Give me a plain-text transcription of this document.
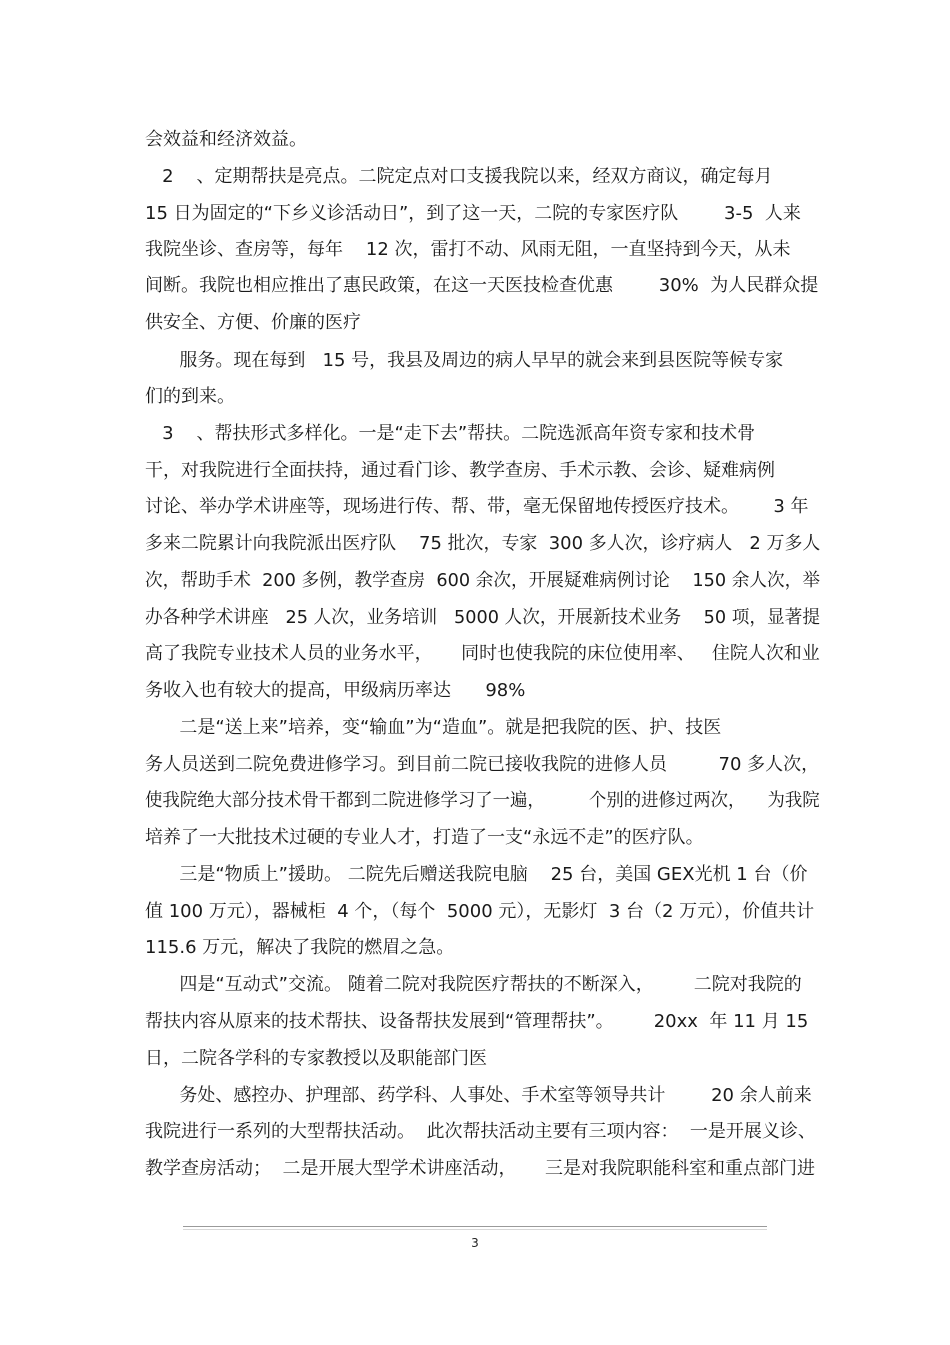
会效益和经济效益。

2    、定期帮扶是亮点。二院定点对口支援我院以来，经双方商议，确定每月

15 日为固定的“下乡义诊活动日”，到了这一天，二院的专家医疗队        3-5  人来

我院坐诊、查房等，每年    12 次，雷打不动、风雨无阻，一直坚持到今天，从未

间断。我院也相应推出了惠民政策，在这一天医技检查优惠        30%  为人民群众提

供安全、方便、价廉的医疗

服务。现在每到   15 号，我县及周边的病人早早的就会来到县医院等候专家

们的到来。

3    、帮扶形式多样化。一是“走下去”帮扶。二院选派高年资专家和技术骨

干，对我院进行全面扶持，通过看门诊、教学查房、手术示教、会诊、疑难病例

讨论、举办学术讲座等，现场进行传、帮、带，毫无保留地传授医疗技术。      3 年

多来二院累计向我院派出医疗队    75 批次，专家  300 多人次，诊疗病人   2 万多人

次，帮助手术  200 多例，教学查房  600 余次，开展疑难病例讨论    150 余人次，举

办各种学术讲座   25 人次，业务培训   5000 人次，开展新技术业务    50 项，显著提

高了我院专业技术人员的业务水平，     同时也使我院的床位使用率、   住院人次和业

务收入也有较大的提高，甲级病历率达      98%

二是“送上来”培养，变“输血”为“造血”。就是把我院的医、护、技医

务人员送到二院免费进修学习。到目前二院已接收我院的进修人员         70 多人次，

使我院绝大部分技术骨干都到二院进修学习了一遍，        个别的进修过两次，    为我院

培养了一大批技术过硬的专业人才，打造了一支“永远不走”的医疗队。

三是“物质上”援助。 二院先后赠送我院电脑    25 台，美国 GEX光机 1 台（价

值 100 万元），器械柜  4 个，（每个  5000 元），无影灯  3 台（2 万元），价值共计

115.6 万元，解决了我院的燃眉之急。

四是“互动式”交流。 随着二院对我院医疗帮扶的不断深入，       二院对我院的

帮扶内容从原来的技术帮扶、设备帮扶发展到“管理帮扶”。       20xx  年 11 月 15

日，二院各学科的专家教授以及职能部门医

务处、感控办、护理部、药学科、人事处、手术室等领导共计        20 余人前来

我院进行一系列的大型帮扶活动。  此次帮扶活动主要有三项内容：  一是开展义诊、

教学查房活动；  二是开展大型学术讲座活动，     三是对我院职能科室和重点部门进

3
